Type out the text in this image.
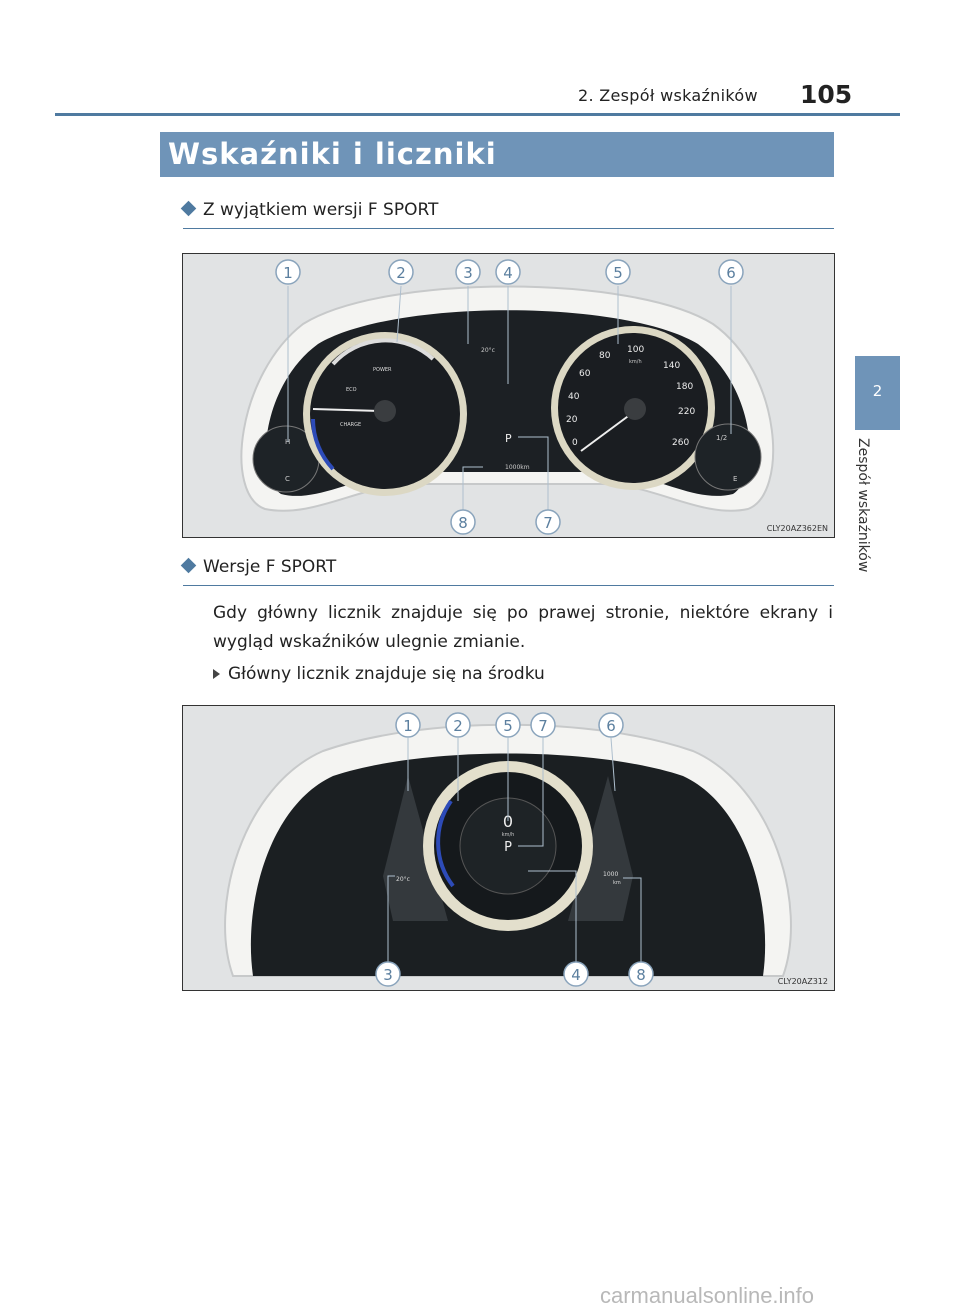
2. Zespół wskaźników 105
Wskaźniki i liczniki
2
Zespół wskaźników
Z wyjątkiem wersji F SPORT
H
C
POWER
ECO
CHARGE
20°c
P
1000km
0
20
40
60
80
100
140
180
220
260
km/h
1/2
E
1	2	3 4	5	6
8	7	CLY20AZ362EN
Wersje F SPORT
Gdy główny licznik znajduje się po prawej stronie, niektóre ekrany i wygląd wskaźników ulegnie zmianie.
Główny licznik znajduje się na środku
20°c
1000
km
0
km/h
P
1	2	5 7	6
3	4	8	CLY20AZ312
carmanualsonline.info
